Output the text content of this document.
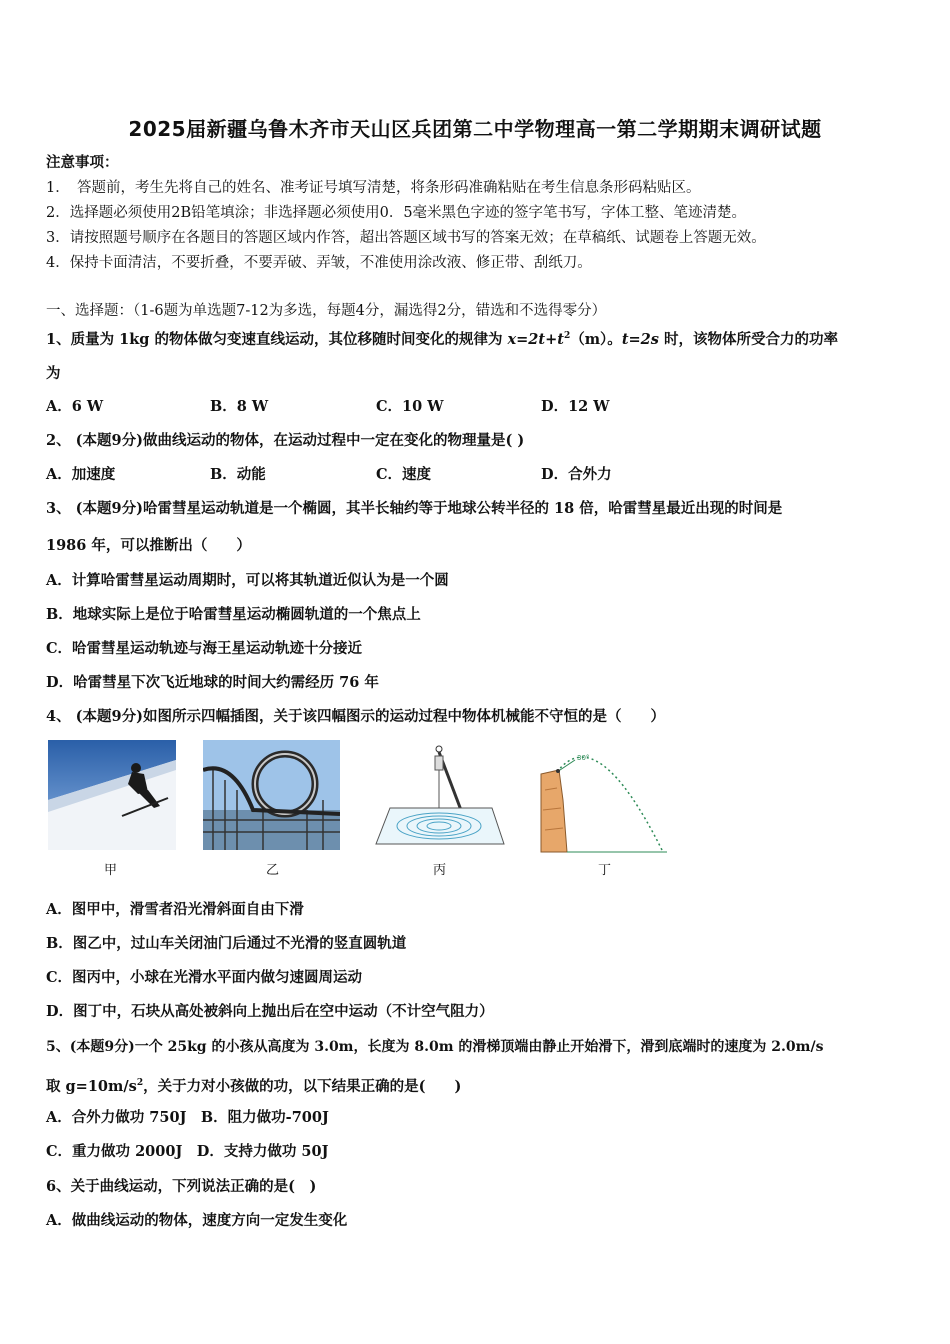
2025届新疆乌鲁木齐市天山区兵团第二中学物理高一第二学期期末调研试题
注意事项：
1．　答题前，考生先将自己的姓名、准考证号填写清楚，将条形码准确粘贴在考生信息条形码粘贴区。
2．选择题必须使用2B铅笔填涂；非选择题必须使用0．5毫米黑色字迹的签字笔书写，字体工整、笔迹清楚。
3．请按照题号顺序在各题目的答题区域内作答，超出答题区域书写的答案无效；在草稿纸、试题卷上答题无效。
4．保持卡面清洁，不要折叠，不要弄破、弄皱，不准使用涂改液、修正带、刮纸刀。
一、选择题：（1-6题为单选题7-12为多选，每题4分，漏选得2分，错选和不选得零分）
1、质量为 1kg 的物体做匀变速直线运动，其位移随时间变化的规律为 $x=2t+t^2(m)$。t=2s 时，该物体所受合力的功率
为
A．6 W	B．8 W	C．10 W	D．12 W
2、 (本题9分)做曲线运动的物体，在运动过程中一定在变化的物理量是( )
A．加速度	B．动能	C．速度	D．合外力
3、 (本题9分)哈雷彗星运动轨道是一个椭圆，其半长轴约等于地球公转半径的 18 倍，哈雷彗星最近出现的时间是
1986 年，可以推断出（　　）
A．计算哈雷彗星运动周期时，可以将其轨道近似认为是一个圆
B．地球实际上是位于哈雷彗星运动椭圆轨道的一个焦点上
C．哈雷彗星运动轨迹与海王星运动轨迹十分接近
D．哈雷彗星下次飞近地球的时间大约需经历 76 年
4、 (本题9分)如图所示四幅插图，关于该四幅图示的运动过程中物体机械能不守恒的是（　　）
甲	乙	丙
30°
丁
A．图甲中，滑雪者沿光滑斜面自由下滑
B．图乙中，过山车关闭油门后通过不光滑的竖直圆轨道
C．图丙中，小球在光滑水平面内做匀速圆周运动
D．图丁中，石块从高处被斜向上抛出后在空中运动（不计空气阻力）
5、(本题9分)一个 25kg 的小孩从高度为 3.0m，长度为 8.0m 的滑梯顶端由静止开始滑下，滑到底端时的速度为 2.0m/s
取 $g=10m/s^2$，关于力对小孩做的功，以下结果正确的是(　　)
A．合外力做功 750J　B．阻力做功-700J
C．重力做功 2000J　D．支持力做功 50J
6、关于曲线运动，下列说法正确的是(　)
A．做曲线运动的物体，速度方向一定发生变化
